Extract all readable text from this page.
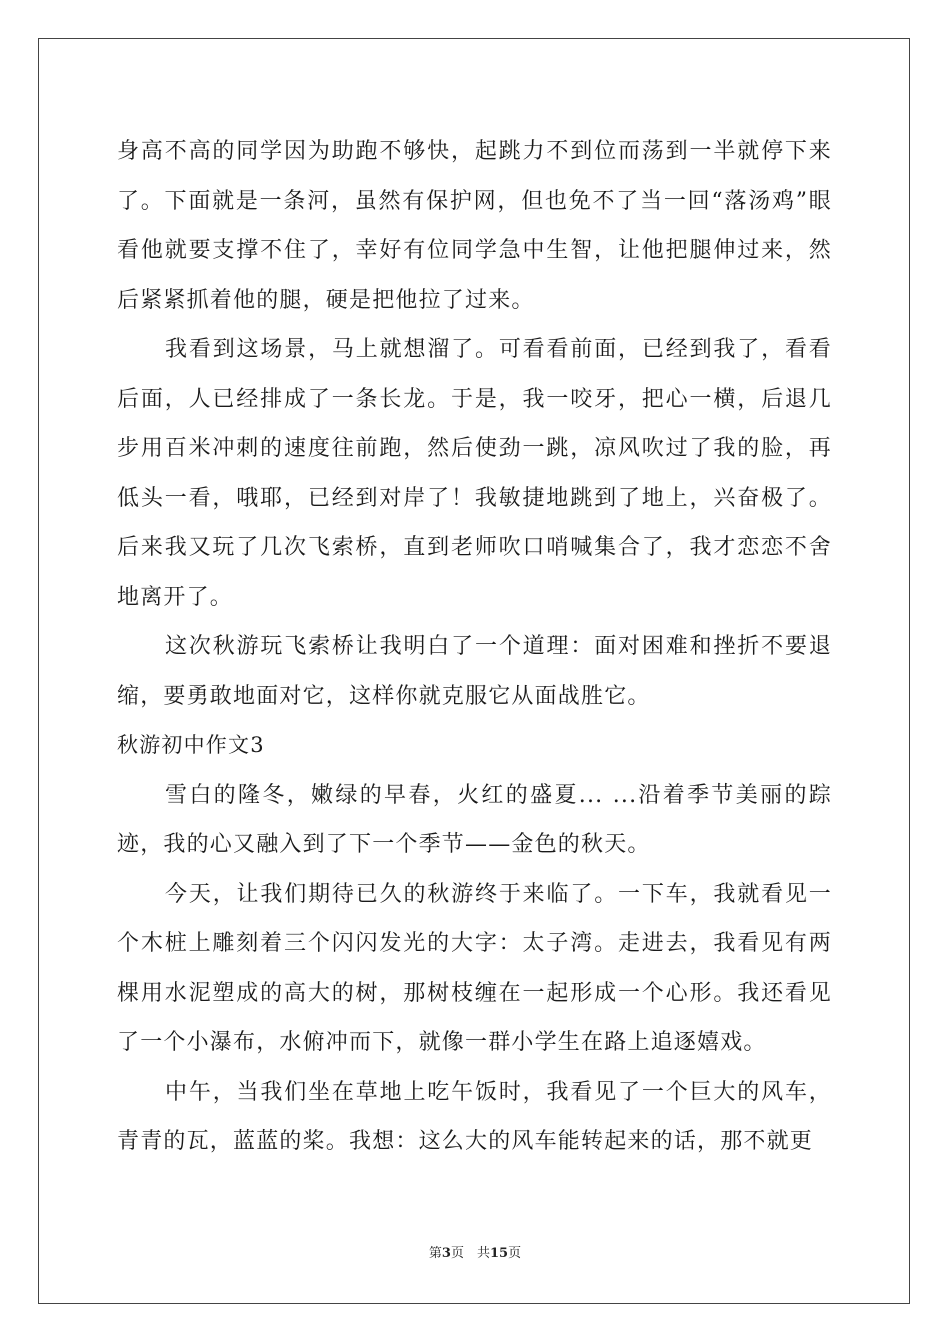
身高不高的同学因为助跑不够快，起跳力不到位而荡到一半就停下来了。下面就是一条河，虽然有保护网，但也免不了当一回“落汤鸡”眼看他就要支撑不住了，幸好有位同学急中生智，让他把腿伸过来，然后紧紧抓着他的腿，硬是把他拉了过来。

我看到这场景，马上就想溜了。可看看前面，已经到我了，看看后面，人已经排成了一条长龙。于是，我一咬牙，把心一横，后退几步用百米冲刺的速度往前跑，然后使劲一跳，凉风吹过了我的脸，再低头一看，哦耶，已经到对岸了！我敏捷地跳到了地上，兴奋极了。后来我又玩了几次飞索桥，直到老师吹口哨喊集合了，我才恋恋不舍地离开了。

这次秋游玩飞索桥让我明白了一个道理：面对困难和挫折不要退缩，要勇敢地面对它，这样你就克服它从面战胜它。

秋游初中作文3

雪白的隆冬，嫩绿的早春，火红的盛夏... ...沿着季节美丽的踪迹，我的心又融入到了下一个季节——金色的秋天。

今天，让我们期待已久的秋游终于来临了。一下车，我就看见一个木桩上雕刻着三个闪闪发光的大字：太子湾。走进去，我看见有两棵用水泥塑成的高大的树，那树枝缠在一起形成一个心形。我还看见了一个小瀑布，水俯冲而下，就像一群小学生在路上追逐嬉戏。

中午，当我们坐在草地上吃午饭时，我看见了一个巨大的风车，青青的瓦，蓝蓝的桨。我想：这么大的风车能转起来的话，那不就更

第3页　共15页
